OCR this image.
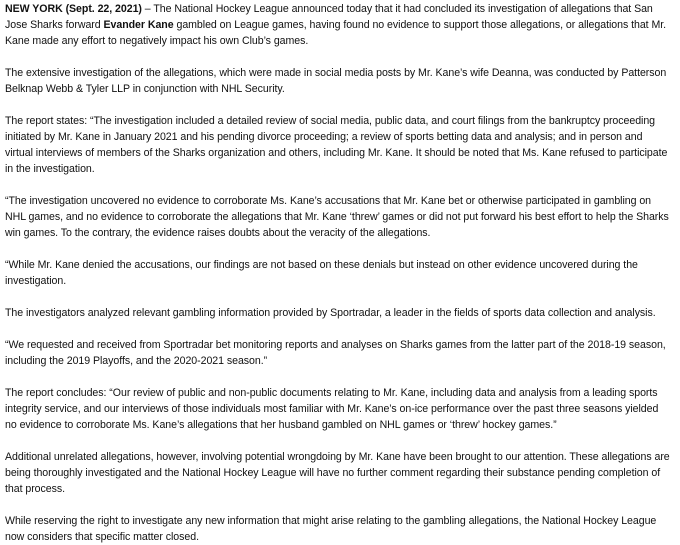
NEW YORK (Sept. 22, 2021) – The National Hockey League announced today that it had concluded its investigation of allegations that San Jose Sharks forward Evander Kane gambled on League games, having found no evidence to support those allegations, or allegations that Mr. Kane made any effort to negatively impact his own Club’s games.

The extensive investigation of the allegations, which were made in social media posts by Mr. Kane’s wife Deanna, was conducted by Patterson Belknap Webb & Tyler LLP in conjunction with NHL Security.

The report states: “The investigation included a detailed review of social media, public data, and court filings from the bankruptcy proceeding initiated by Mr. Kane in January 2021 and his pending divorce proceeding; a review of sports betting data and analysis; and in person and virtual interviews of members of the Sharks organization and others, including Mr. Kane. It should be noted that Ms. Kane refused to participate in the investigation.

“The investigation uncovered no evidence to corroborate Ms. Kane’s accusations that Mr. Kane bet or otherwise participated in gambling on NHL games, and no evidence to corroborate the allegations that Mr. Kane ‘threw’ games or did not put forward his best effort to help the Sharks win games. To the contrary, the evidence raises doubts about the veracity of the allegations.

“While Mr. Kane denied the accusations, our findings are not based on these denials but instead on other evidence uncovered during the investigation.

The investigators analyzed relevant gambling information provided by Sportradar, a leader in the fields of sports data collection and analysis.

“We requested and received from Sportradar bet monitoring reports and analyses on Sharks games from the latter part of the 2018-19 season, including the 2019 Playoffs, and the 2020-2021 season.”

The report concludes: “Our review of public and non-public documents relating to Mr. Kane, including data and analysis from a leading sports integrity service, and our interviews of those individuals most familiar with Mr. Kane’s on-ice performance over the past three seasons yielded no evidence to corroborate Ms. Kane’s allegations that her husband gambled on NHL games or ‘threw’ hockey games.”

Additional unrelated allegations, however, involving potential wrongdoing by Mr. Kane have been brought to our attention. These allegations are being thoroughly investigated and the National Hockey League will have no further comment regarding their substance pending completion of that process.

While reserving the right to investigate any new information that might arise relating to the gambling allegations, the National Hockey League now considers that specific matter closed.
